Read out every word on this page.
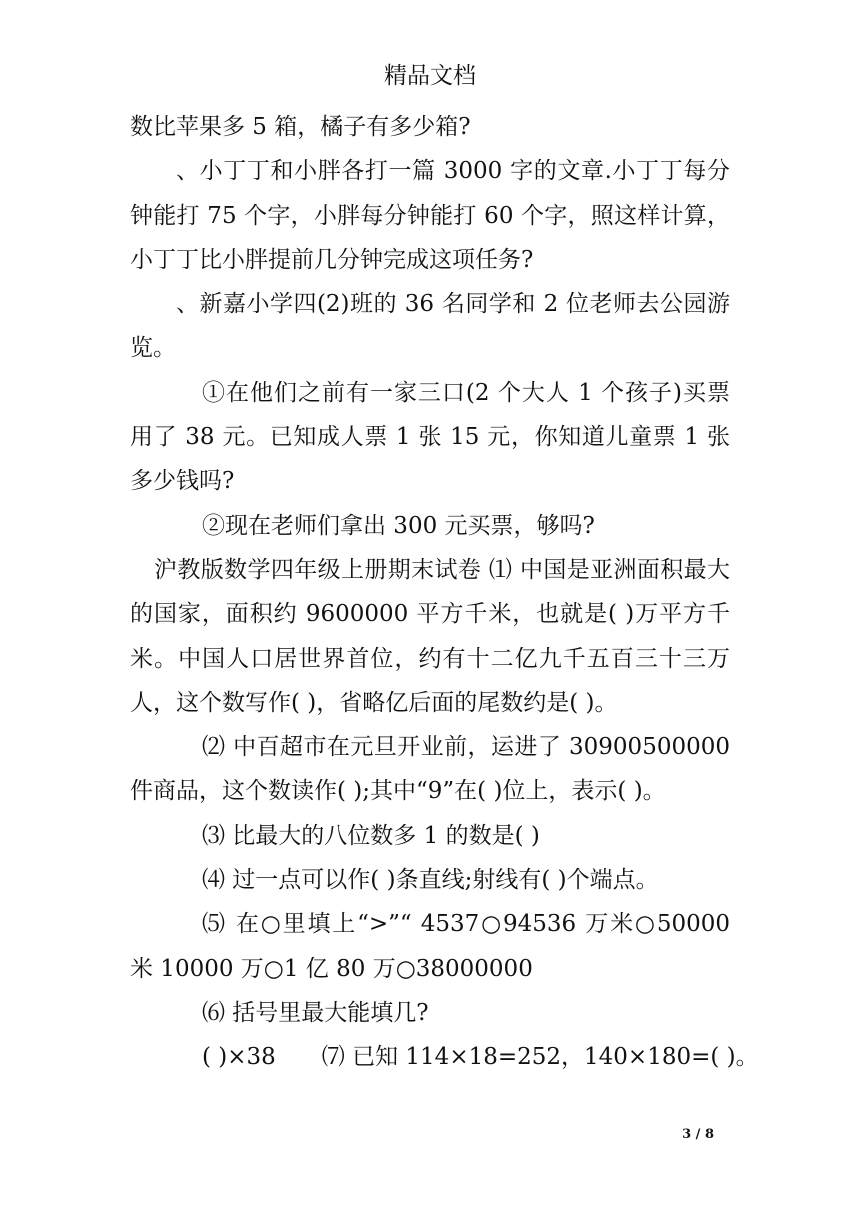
精品文档

数比苹果多 5 箱，橘子有多少箱?

、小丁丁和小胖各打一篇 3000 字的文章.小丁丁每分钟能打 75 个字，小胖每分钟能打 60 个字，照这样计算，小丁丁比小胖提前几分钟完成这项任务?

、新嘉小学四(2)班的 36 名同学和 2 位老师去公园游览。

①在他们之前有一家三口(2 个大人 1 个孩子)买票用了 38 元。已知成人票 1 张 15 元，你知道儿童票 1 张多少钱吗?

②现在老师们拿出 300 元买票，够吗?

沪教版数学四年级上册期末试卷 ⑴ 中国是亚洲面积最大的国家，面积约 9600000 平方千米，也就是( )万平方千米。中国人口居世界首位，约有十二亿九千五百三十三万人，这个数写作( )，省略亿后面的尾数约是( )。

⑵ 中百超市在元旦开业前，运进了 30900500000 件商品，这个数读作( );其中“9”在( )位上，表示( )。

⑶ 比最大的八位数多 1 的数是( )

⑷ 过一点可以作( )条直线;射线有( )个端点。

⑸ 在○里填上“>”“ 4537○94536 万米○50000 米 10000 万○1 亿 80 万○38000000

⑹ 括号里最大能填几?

( )×38 ⑺ 已知 114×18=252，140×180=( )。

3 / 8
